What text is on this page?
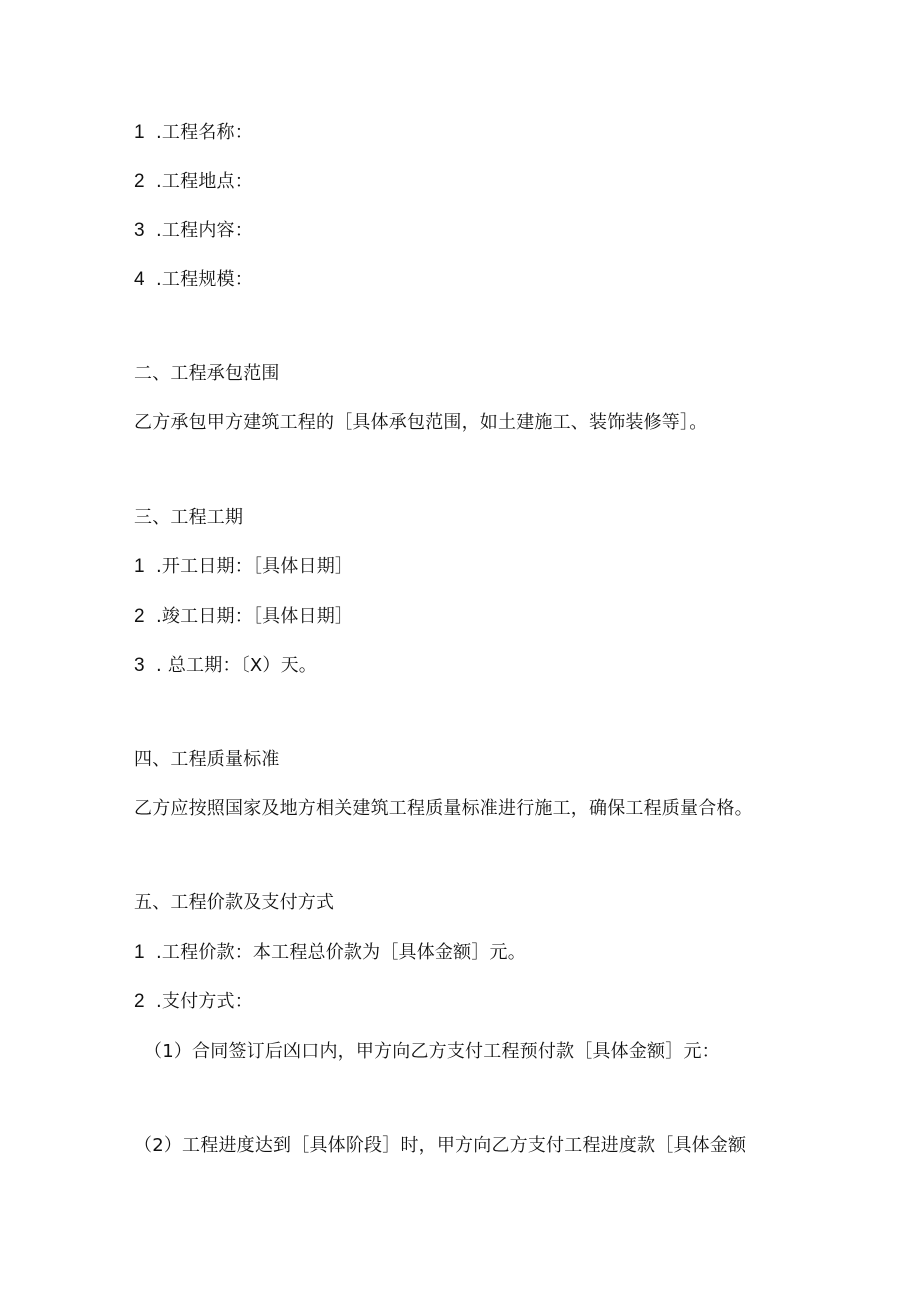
1 .工程名称：
2 .工程地点：
3 .工程内容：
4 .工程规模：
二、工程承包范围
乙方承包甲方建筑工程的［具体承包范围，如土建施工、装饰装修等］。
三、工程工期
1 .开工日期：［具体日期］
2 .竣工日期：［具体日期］
3 . 总工期：〔X）天。
四、工程质量标准
乙方应按照国家及地方相关建筑工程质量标准进行施工，确保工程质量合格。
五、工程价款及支付方式
1 .工程价款：本工程总价款为［具体金额］元。
2 .支付方式：
（1）合同签订后凶口内，甲方向乙方支付工程预付款［具体金额］元：
（2）工程进度达到［具体阶段］时，甲方向乙方支付工程进度款［具体金额
